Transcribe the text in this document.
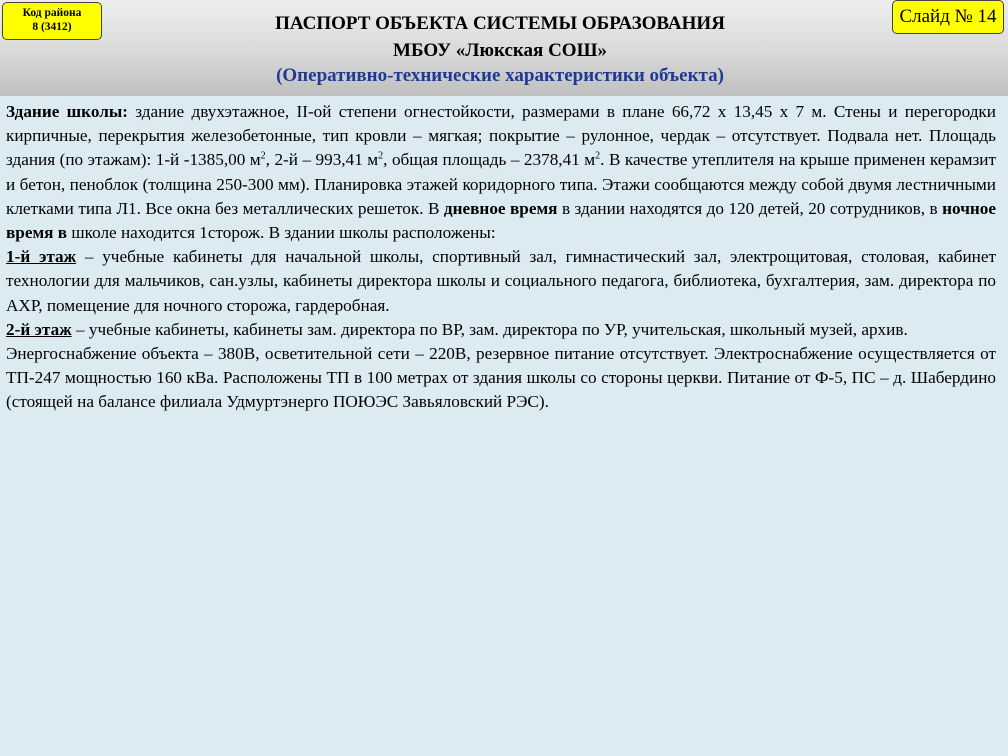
Код района
8 (3412)	ПАСПОРТ ОБЪЕКТА СИСТЕМЫ ОБРАЗОВАНИЯ
МБОУ «Люкская СОШ»
(Оперативно-технические характеристики объекта)
Слайд № 14

Здание школы: здание двухэтажное, II-ой степени огнестойкости, размерами в плане 66,72 х 13,45 х 7 м. Стены и перегородки кирпичные, перекрытия железобетонные, тип кровли – мягкая; покрытие – рулонное, чердак – отсутствует. Подвала нет. Площадь здания (по этажам): 1-й -1385,00 $м^2$, 2-й – 993,41 $м^2$, общая площадь – 2378,41 $м^2$. В качестве утеплителя на крыше применен керамзит и бетон, пеноблок (толщина 250-300 мм). Планировка этажей коридорного типа. Этажи сообщаются между собой двумя лестничными клетками типа Л1. Все окна без металлических решеток. В дневное время в здании находятся до 120 детей, 20 сотрудников, в ночное время в школе находится 1сторож. В здании школы расположены:

1-й этаж – учебные кабинеты для начальной школы, спортивный зал, гимнастический зал, электрощитовая, столовая, кабинет технологии для мальчиков, сан.узлы, кабинеты директора школы и социального педагога, библиотека, бухгалтерия, зам. директора по АХР, помещение для ночного сторожа, гардеробная.

2-й этаж – учебные кабинеты, кабинеты зам. директора по ВР, зам. директора по УР, учительская, школьный музей, архив.

Энергоснабжение объекта – 380В, осветительной сети – 220В, резервное питание отсутствует. Электроснабжение осуществляется от ТП-247 мощностью 160 кВа. Расположены ТП в 100 метрах от здания школы со стороны церкви. Питание от Ф-5, ПС – д. Шабердино (стоящей на балансе филиала Удмуртэнерго ПОЮЭС Завьяловский РЭС).
